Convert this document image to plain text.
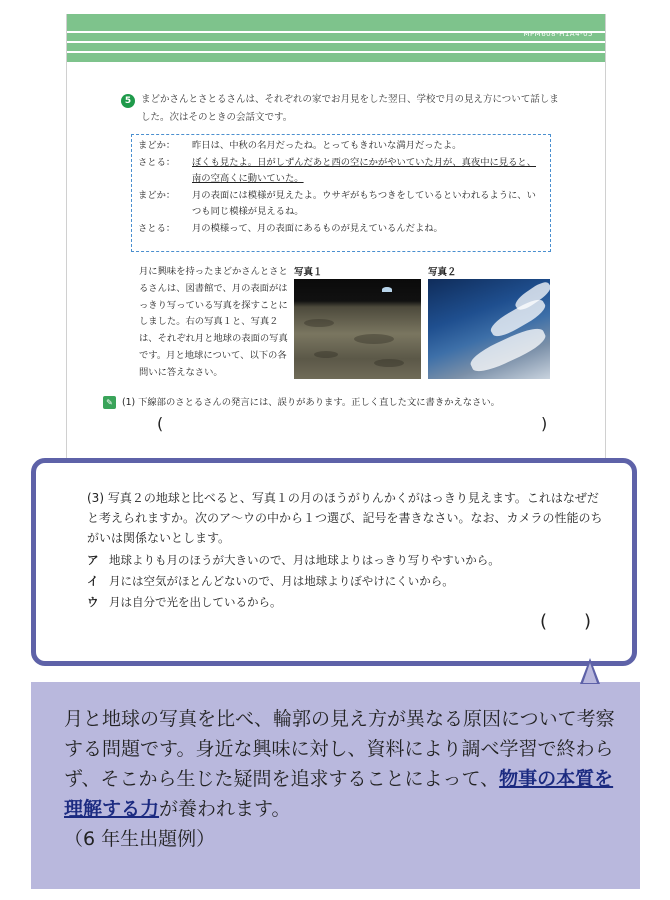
MPM608-H1A4-05
5	まどかさんとさとるさんは、それぞれの家でお月見をした翌日、学校で月の見え方について話しました。次はそのときの会話文です。
まどか：	昨日は、中秋の名月だったね。とってもきれいな満月だったよ。
さとる：	ぼくも見たよ。日がしずんだあと西の空にかがやいていた月が、真夜中に見ると、南の空高くに動いていた。
まどか：	月の表面には模様が見えたよ。ウサギがもちつきをしているといわれるように、いつも同じ模様が見えるね。
さとる：	月の模様って、月の表面にあるものが見えているんだよね。
月に興味を持ったまどかさんとさとるさんは、図書館で、月の表面がはっきり写っている写真を探すことにしました。右の写真１と、写真２は、それぞれ月と地球の表面の写真です。月と地球について、以下の各問いに答えなさい。
写真１	写真２
✎ (1) 下線部のさとるさんの発言には、誤りがあります。正しく直した文に書きかえなさい。
(	)
(3) 写真２の地球と比べると、写真１の月のほうがりんかくがはっきり見えます。これはなぜだと考えられますか。次のア～ウの中から１つ選び、記号を書きなさい。なお、カメラの性能のちがいは関係ないとします。
ア 地球よりも月のほうが大きいので、月は地球よりはっきり写りやすいから。
イ 月には空気がほとんどないので、月は地球よりぼやけにくいから。
ウ 月は自分で光を出しているから。
( )
月と地球の写真を比べ、輪郭の見え方が異なる原因について考察する問題です。身近な興味に対し、資料により調べ学習で終わらず、そこから生じた疑問を追求することによって、物事の本質を理解する力が養われます。
（6 年生出題例）
